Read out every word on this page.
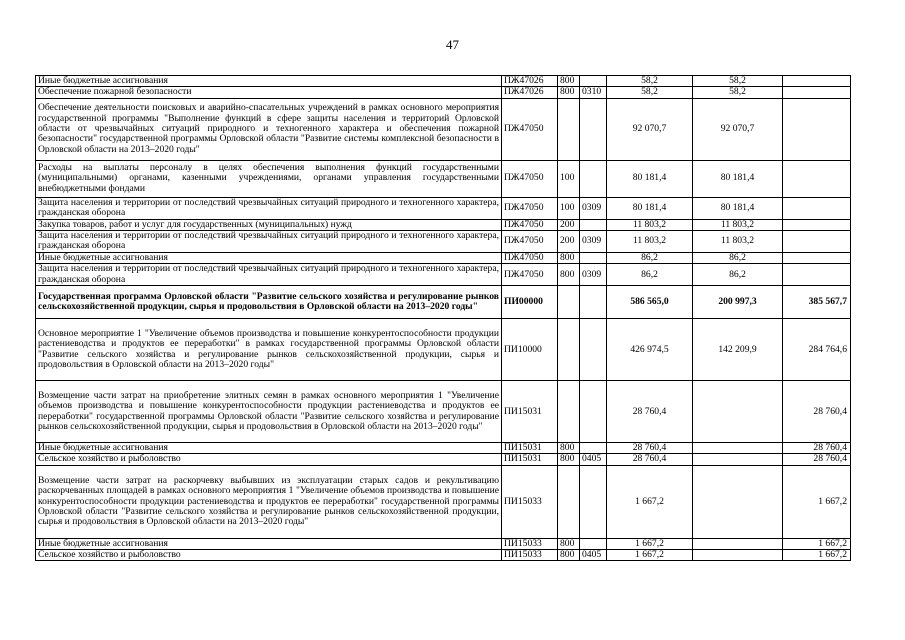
47
Иные бюджетные ассигнования	ПЖ47026	800		58,2	58,2	
Обеспечение пожарной безопасности	ПЖ47026	800	0310	58,2	58,2	
Обеспечение деятельности поисковых и аварийно-спасательных учреждений в рамках основного мероприятия государственной программы "Выполнение функций в сфере защиты населения и территорий Орловской области от чрезвычайных ситуаций природного и техногенного характера и обеспечения пожарной безопасности" государственной программы Орловской области "Развитие системы комплексной безопасности в Орловской области на 2013–2020 годы"	ПЖ47050			92 070,7	92 070,7	
Расходы на выплаты персоналу в целях обеспечения выполнения функций государственными (муниципальными) органами, казенными учреждениями, органами управления государственными внебюджетными фондами	ПЖ47050	100		80 181,4	80 181,4	
Защита населения и территории от последствий чрезвычайных ситуаций природного и техногенного характера, гражданская оборона	ПЖ47050	100	0309	80 181,4	80 181,4	
Закупка товаров, работ и услуг для государственных (муниципальных) нужд	ПЖ47050	200		11 803,2	11 803,2	
Защита населения и территории от последствий чрезвычайных ситуаций природного и техногенного характера, гражданская оборона	ПЖ47050	200	0309	11 803,2	11 803,2	
Иные бюджетные ассигнования	ПЖ47050	800		86,2	86,2	
Защита населения и территории от последствий чрезвычайных ситуаций природного и техногенного характера, гражданская оборона	ПЖ47050	800	0309	86,2	86,2	
Государственная программа Орловской области "Развитие сельского хозяйства и регулирование рынков сельскохозяйственной продукции, сырья и продовольствия в Орловской области на 2013–2020 годы"	ПИ00000			586 565,0	200 997,3	385 567,7
Основное мероприятие 1 "Увеличение объемов производства и повышение конкурентоспособности продукции растениеводства и продуктов ее переработки" в рамках государственной программы Орловской области "Развитие сельского хозяйства и регулирование рынков сельскохозяйственной продукции, сырья и продовольствия в Орловской области на 2013–2020 годы"	ПИ10000			426 974,5	142 209,9	284 764,6
Возмещение части затрат на приобретение элитных семян в рамках основного мероприятия 1 "Увеличение объемов производства и повышение конкурентоспособности продукции растениеводства и продуктов ее переработки" государственной программы Орловской области "Развитие сельского хозяйства и регулирование рынков сельскохозяйственной продукции, сырья и продовольствия в Орловской области на 2013–2020 годы"	ПИ15031			28 760,4		28 760,4
Иные бюджетные ассигнования	ПИ15031	800		28 760,4		28 760,4
Сельское хозяйство и рыболовство	ПИ15031	800	0405	28 760,4		28 760,4
Возмещение части затрат на раскорчевку выбывших из эксплуатации старых садов и рекультивацию раскорчеванных площадей в рамках основного мероприятия 1 "Увеличение объемов производства и повышение конкурентоспособности продукции растениеводства и продуктов ее переработки" государственной программы Орловской области "Развитие сельского хозяйства и регулирование рынков сельскохозяйственной продукции, сырья и продовольствия в Орловской области на 2013–2020 годы"	ПИ15033			1 667,2		1 667,2
Иные бюджетные ассигнования	ПИ15033	800		1 667,2		1 667,2
Сельское хозяйство и рыболовство	ПИ15033	800	0405	1 667,2		1 667,2
